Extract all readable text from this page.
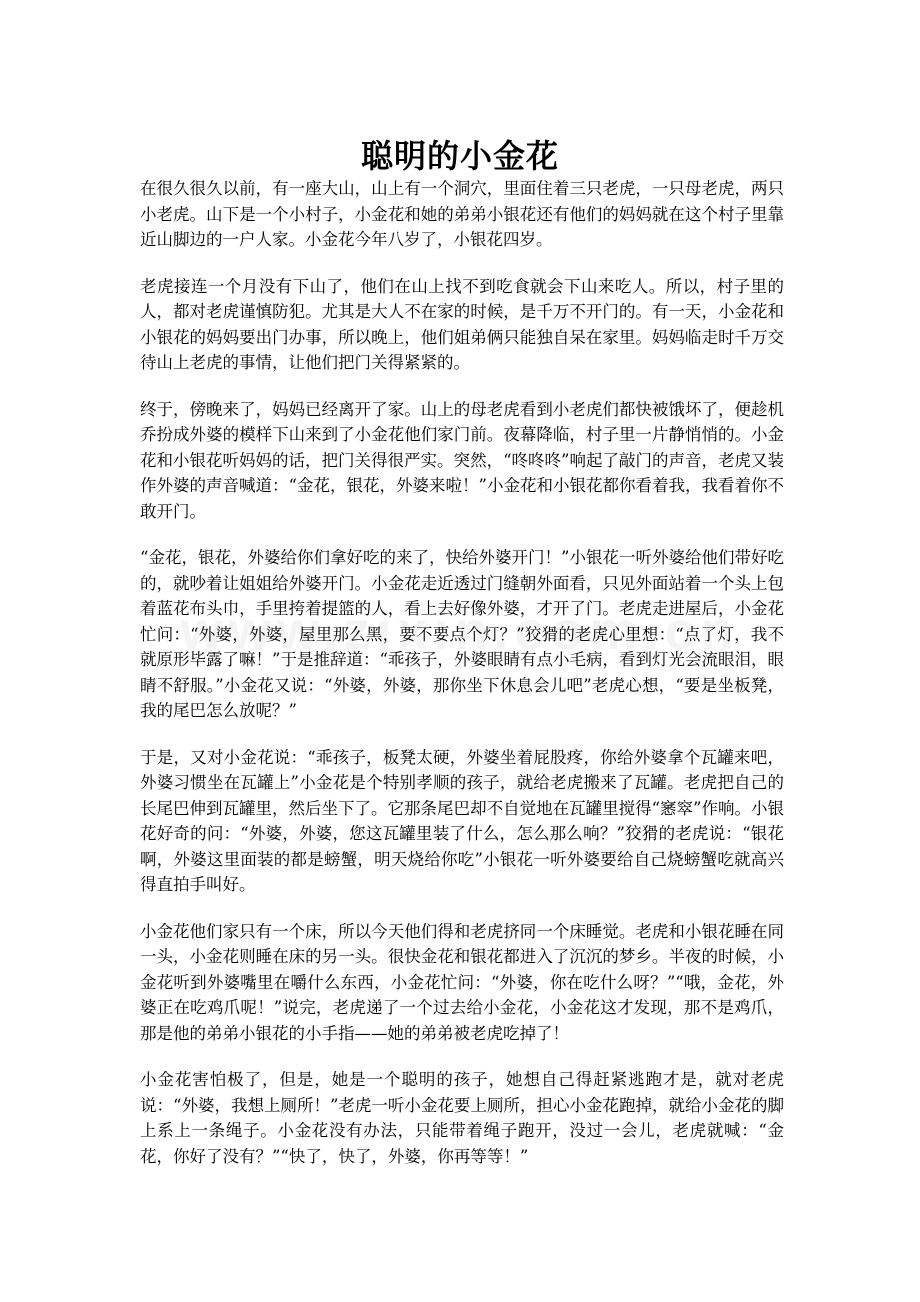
聪明的小金花

在很久很久以前，有一座大山，山上有一个洞穴，里面住着三只老虎，一只母老虎，两只小老虎。山下是一个小村子，小金花和她的弟弟小银花还有他们的妈妈就在这个村子里靠近山脚边的一户人家。小金花今年八岁了，小银花四岁。

老虎接连一个月没有下山了，他们在山上找不到吃食就会下山来吃人。所以，村子里的人，都对老虎谨慎防犯。尤其是大人不在家的时候，是千万不开门的。有一天，小金花和小银花的妈妈要出门办事，所以晚上，他们姐弟俩只能独自呆在家里。妈妈临走时千万交待山上老虎的事情，让他们把门关得紧紧的。

终于，傍晚来了，妈妈已经离开了家。山上的母老虎看到小老虎们都快被饿坏了，便趁机乔扮成外婆的模样下山来到了小金花他们家门前。夜幕降临，村子里一片静悄悄的。小金花和小银花听妈妈的话，把门关得很严实。突然，“咚咚咚”响起了敲门的声音，老虎又装作外婆的声音喊道：“金花，银花，外婆来啦！”小金花和小银花都你看着我，我看着你不敢开门。

“金花，银花，外婆给你们拿好吃的来了，快给外婆开门！”小银花一听外婆给他们带好吃的，就吵着让姐姐给外婆开门。小金花走近透过门缝朝外面看，只见外面站着一个头上包着蓝花布头巾，手里挎着提篮的人，看上去好像外婆，才开了门。老虎走进屋后，小金花忙问：“外婆，外婆，屋里那么黑，要不要点个灯？”狡猾的老虎心里想：“点了灯，我不就原形毕露了嘛！”于是推辞道：“乖孩子，外婆眼睛有点小毛病，看到灯光会流眼泪，眼睛不舒服。”小金花又说：“外婆，外婆，那你坐下休息会儿吧”老虎心想，“要是坐板凳，我的尾巴怎么放呢？”

于是，又对小金花说：“乖孩子，板凳太硬，外婆坐着屁股疼，你给外婆拿个瓦罐来吧，外婆习惯坐在瓦罐上”小金花是个特别孝顺的孩子，就给老虎搬来了瓦罐。老虎把自己的长尾巴伸到瓦罐里，然后坐下了。它那条尾巴却不自觉地在瓦罐里搅得“窸窣”作响。小银花好奇的问：“外婆，外婆，您这瓦罐里装了什么，怎么那么响？”狡猾的老虎说：“银花啊，外婆这里面装的都是螃蟹，明天烧给你吃”小银花一听外婆要给自己烧螃蟹吃就高兴得直拍手叫好。

小金花他们家只有一个床，所以今天他们得和老虎挤同一个床睡觉。老虎和小银花睡在同一头，小金花则睡在床的另一头。很快金花和银花都进入了沉沉的梦乡。半夜的时候，小金花听到外婆嘴里在嚼什么东西，小金花忙问：“外婆，你在吃什么呀？”“哦，金花，外婆正在吃鸡爪呢！”说完，老虎递了一个过去给小金花，小金花这才发现，那不是鸡爪，那是他的弟弟小银花的小手指——她的弟弟被老虎吃掉了！

小金花害怕极了，但是，她是一个聪明的孩子，她想自己得赶紧逃跑才是，就对老虎说：“外婆，我想上厕所！”老虎一听小金花要上厕所，担心小金花跑掉，就给小金花的脚上系上一条绳子。小金花没有办法，只能带着绳子跑开，没过一会儿，老虎就喊：“金花，你好了没有？”“快了，快了，外婆，你再等等！”
